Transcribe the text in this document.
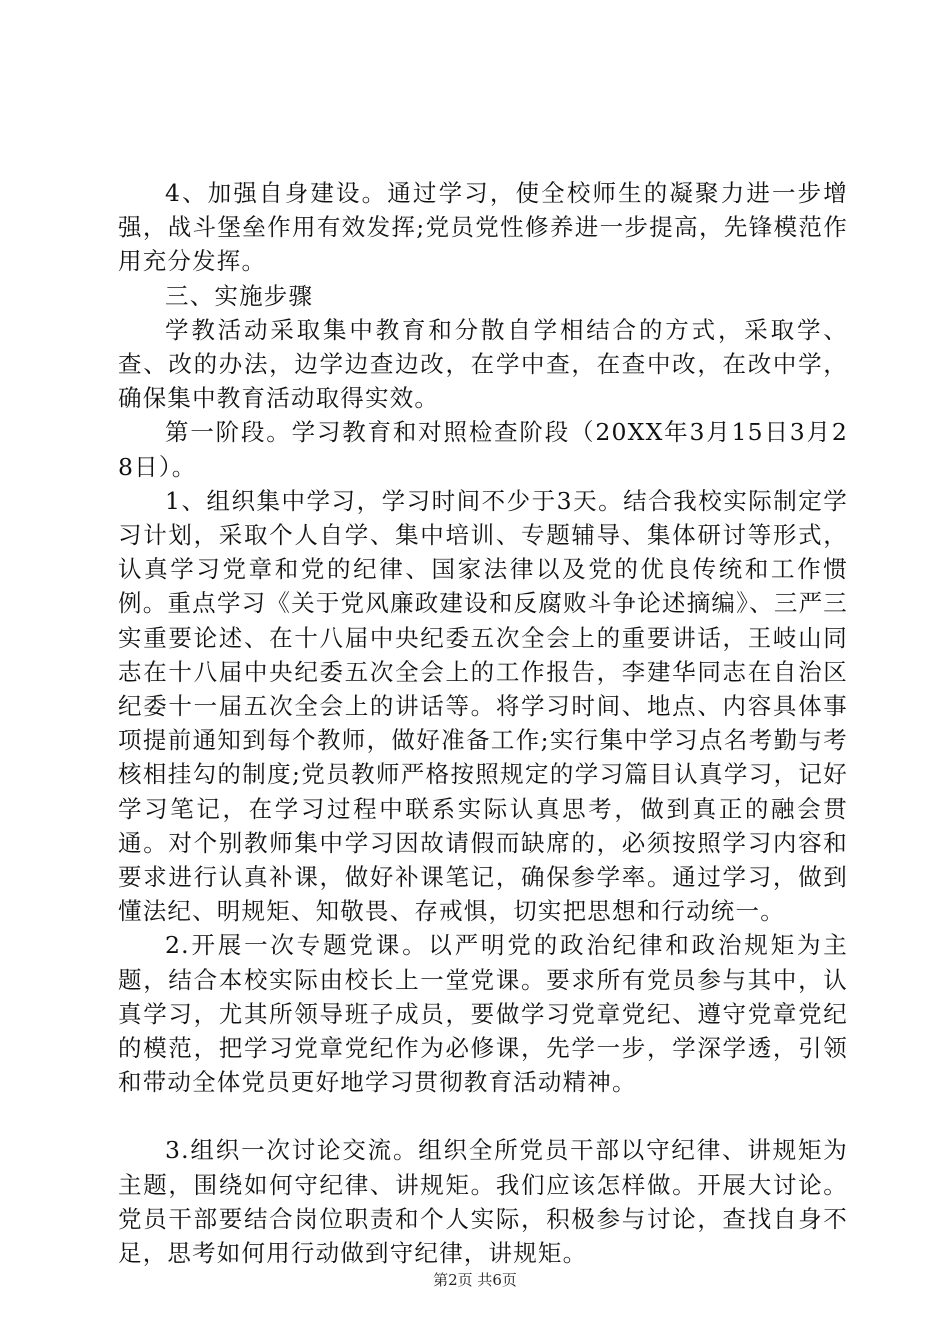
4、加强自身建设。通过学习，使全校师生的凝聚力进一步增强，战斗堡垒作用有效发挥;党员党性修养进一步提高，先锋模范作用充分发挥。

三、实施步骤

学教活动采取集中教育和分散自学相结合的方式，采取学、查、改的办法，边学边查边改，在学中查，在查中改，在改中学，确保集中教育活动取得实效。

第一阶段。学习教育和对照检查阶段（20XX年3月15日3月28日）。

1、组织集中学习，学习时间不少于3天。结合我校实际制定学习计划，采取个人自学、集中培训、专题辅导、集体研讨等形式，认真学习党章和党的纪律、国家法律以及党的优良传统和工作惯例。重点学习《关于党风廉政建设和反腐败斗争论述摘编》、三严三实重要论述、在十八届中央纪委五次全会上的重要讲话，王岐山同志在十八届中央纪委五次全会上的工作报告，李建华同志在自治区纪委十一届五次全会上的讲话等。将学习时间、地点、内容具体事项提前通知到每个教师，做好准备工作;实行集中学习点名考勤与考核相挂勾的制度;党员教师严格按照规定的学习篇目认真学习，记好学习笔记，在学习过程中联系实际认真思考，做到真正的融会贯通。对个别教师集中学习因故请假而缺席的，必须按照学习内容和要求进行认真补课，做好补课笔记，确保参学率。通过学习，做到懂法纪、明规矩、知敬畏、存戒惧，切实把思想和行动统一。

2.开展一次专题党课。以严明党的政治纪律和政治规矩为主题，结合本校实际由校长上一堂党课。要求所有党员参与其中，认真学习，尤其所领导班子成员，要做学习党章党纪、遵守党章党纪的模范，把学习党章党纪作为必修课，先学一步，学深学透，引领和带动全体党员更好地学习贯彻教育活动精神。

3.组织一次讨论交流。组织全所党员干部以守纪律、讲规矩为主题，围绕如何守纪律、讲规矩。我们应该怎样做。开展大讨论。党员干部要结合岗位职责和个人实际，积极参与讨论，查找自身不足，思考如何用行动做到守纪律，讲规矩。

第2页 共6页
